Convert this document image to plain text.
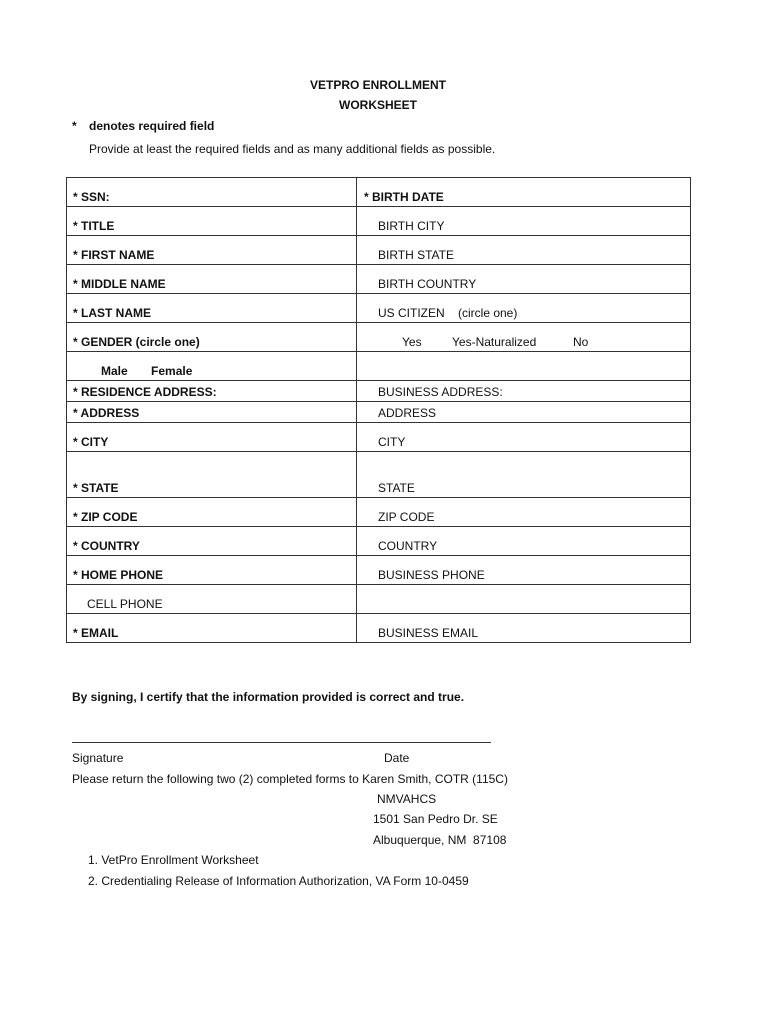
VETPRO ENROLLMENT
WORKSHEET
* denotes required field
Provide at least the required fields and as many additional fields as possible.
* SSN:	* BIRTH DATE

* TITLE	BIRTH CITY

* FIRST NAME	BIRTH STATE

* MIDDLE NAME	BIRTH COUNTRY

* LAST NAME	US CITIZEN    (circle one)

* GENDER (circle one)	Yes Yes-Naturalized No

Male Female	

* RESIDENCE ADDRESS:	BUSINESS ADDRESS:

* ADDRESS	ADDRESS

* CITY	CITY

* STATE	STATE

* ZIP CODE	ZIP CODE

* COUNTRY	COUNTRY

* HOME PHONE	BUSINESS PHONE

CELL PHONE	

* EMAIL	BUSINESS EMAIL
By signing, I certify that the information provided is correct and true.
Signature	Date
Please return the following two (2) completed forms to Karen Smith, COTR (115C)
NMVAHCS
1501 San Pedro Dr. SE
Albuquerque, NM  87108
1. VetPro Enrollment Worksheet
2. Credentialing Release of Information Authorization, VA Form 10-0459
